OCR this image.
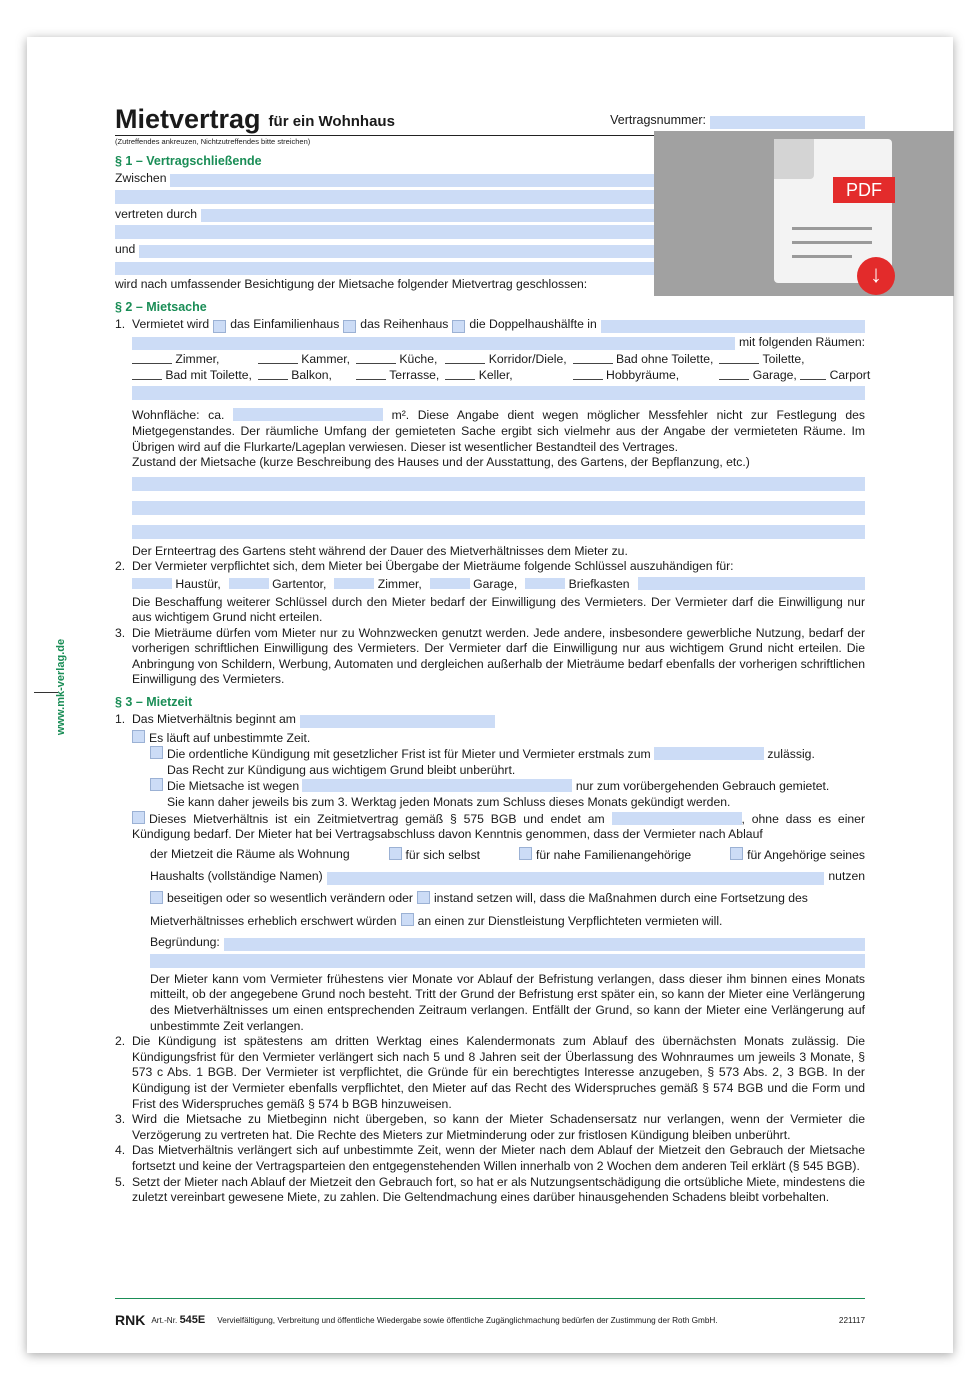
www.mk-verlag.de
Mietvertrag für ein Wohnhaus	Vertragsnummer:
(Zutreffendes ankreuzen, Nichtzutreffendes bitte streichen)
§ 1 – Vertragschließende
Zwischen
vertreten durch
und
wird nach umfassender Besichtigung der Mietsache folgender Mietvertrag geschlossen:
§ 2 – Mietsache
1. Vermietet wird das Einfamilienhaus das Reihenhaus die Doppelhaushälfte in
mit folgenden Räumen:
Zimmer,	Kammer,	Küche,	Korridor/Diele,	Bad ohne Toilette,	Toilette,
Bad mit Toilette,	Balkon,	Terrasse,	Keller,	Hobbyräume,	Garage,	Carport
Wohnfläche: ca.	m². Diese Angabe dient wegen möglicher Messfehler nicht zur Festlegung des Mietgegenstandes. Der räumliche Umfang der gemieteten Sache ergibt sich vielmehr aus der Angabe der vermieteten Räume. Im Übrigen wird auf die Flurkarte/Lageplan verwiesen. Dieser ist wesentlicher Bestandteil des Vertrages.
Zustand der Mietsache (kurze Beschreibung des Hauses und der Ausstattung, des Gartens, der Bepflanzung, etc.)
Der Ernteertrag des Gartens steht während der Dauer des Mietverhältnisses dem Mieter zu.
2. Der Vermieter verpflichtet sich, dem Mieter bei Übergabe der Mieträume folgende Schlüssel auszuhändigen für:
Haustür,	Gartentor,	Zimmer,	Garage,	Briefkasten
Die Beschaffung weiterer Schlüssel durch den Mieter bedarf der Einwilligung des Vermieters. Der Vermieter darf die Einwilligung nur aus wichtigem Grund nicht erteilen.
3. Die Mieträume dürfen vom Mieter nur zu Wohnzwecken genutzt werden. Jede andere, insbesondere gewerbliche Nutzung, bedarf der vorherigen schriftlichen Einwilligung des Vermieters. Der Vermieter darf die Einwilligung nur aus wichtigem Grund nicht erteilen. Die Anbringung von Schildern, Werbung, Automaten und dergleichen außerhalb der Mieträume bedarf ebenfalls der vorherigen schriftlichen Einwilligung des Vermieters.
§ 3 – Mietzeit
1. Das Mietverhältnis beginnt am
Es läuft auf unbestimmte Zeit.
Die ordentliche Kündigung mit gesetzlicher Frist ist für Mieter und Vermieter erstmals zum	zulässig.
Das Recht zur Kündigung aus wichtigem Grund bleibt unberührt.
Die Mietsache ist wegen	nur zum vorübergehenden Gebrauch gemietet.
Sie kann daher jeweils bis zum 3. Werktag jeden Monats zum Schluss dieses Monats gekündigt werden.
Dieses Mietverhältnis ist ein Zeitmietvertrag gemäß § 575 BGB und endet am	, ohne dass es einer Kündigung bedarf. Der Mieter hat bei Vertragsabschluss davon Kenntnis genommen, dass der Vermieter nach Ablauf
der Mietzeit die Räume als Wohnung	für sich selbst	für nahe Familienangehörige	für Angehörige seines
Haushalts (vollständige Namen)	nutzen
beseitigen oder so wesentlich verändern oder instand setzen will, dass die Maßnahmen durch eine Fortsetzung des
Mietverhältnisses erheblich erschwert würden an einen zur Dienstleistung Verpflichteten vermieten will.
Begründung:
Der Mieter kann vom Vermieter frühestens vier Monate vor Ablauf der Befristung verlangen, dass dieser ihm binnen eines Monats mitteilt, ob der angegebene Grund noch besteht. Tritt der Grund der Befristung erst später ein, so kann der Mieter eine Verlängerung des Mietverhältnisses um einen entsprechenden Zeitraum verlangen. Entfällt der Grund, so kann der Mieter eine Verlängerung auf unbestimmte Zeit verlangen.
2. Die Kündigung ist spätestens am dritten Werktag eines Kalendermonats zum Ablauf des übernächsten Monats zulässig. Die Kündigungsfrist für den Vermieter verlängert sich nach 5 und 8 Jahren seit der Überlassung des Wohnraumes um jeweils 3 Monate, § 573 c Abs. 1 BGB. Der Vermieter ist verpflichtet, die Gründe für ein berechtigtes Interesse anzugeben, § 573 Abs. 2, 3 BGB. In der Kündigung ist der Vermieter ebenfalls verpflichtet, den Mieter auf das Recht des Widerspruches gemäß § 574 BGB und die Form und Frist des Widerspruches gemäß § 574 b BGB hinzuweisen.
3. Wird die Mietsache zu Mietbeginn nicht übergeben, so kann der Mieter Schadensersatz nur verlangen, wenn der Vermieter die Verzögerung zu vertreten hat. Die Rechte des Mieters zur Mietminderung oder zur fristlosen Kündigung bleiben unberührt.
4. Das Mietverhältnis verlängert sich auf unbestimmte Zeit, wenn der Mieter nach dem Ablauf der Mietzeit den Gebrauch der Mietsache fortsetzt und keine der Vertragsparteien den entgegenstehenden Willen innerhalb von 2 Wochen dem anderen Teil erklärt (§ 545 BGB).
5. Setzt der Mieter nach Ablauf der Mietzeit den Gebrauch fort, so hat er als Nutzungsentschädigung die ortsübliche Miete, mindestens die zuletzt vereinbart gewesene Miete, zu zahlen. Die Geltendmachung eines darüber hinausgehenden Schadens bleibt vorbehalten.
RNK Art.-Nr. 545E Vervielfältigung, Verbreitung und öffentliche Wiedergabe sowie öffentliche Zugänglichmachung bedürfen der Zustimmung der Roth GmbH.	221117
PDF
↓
